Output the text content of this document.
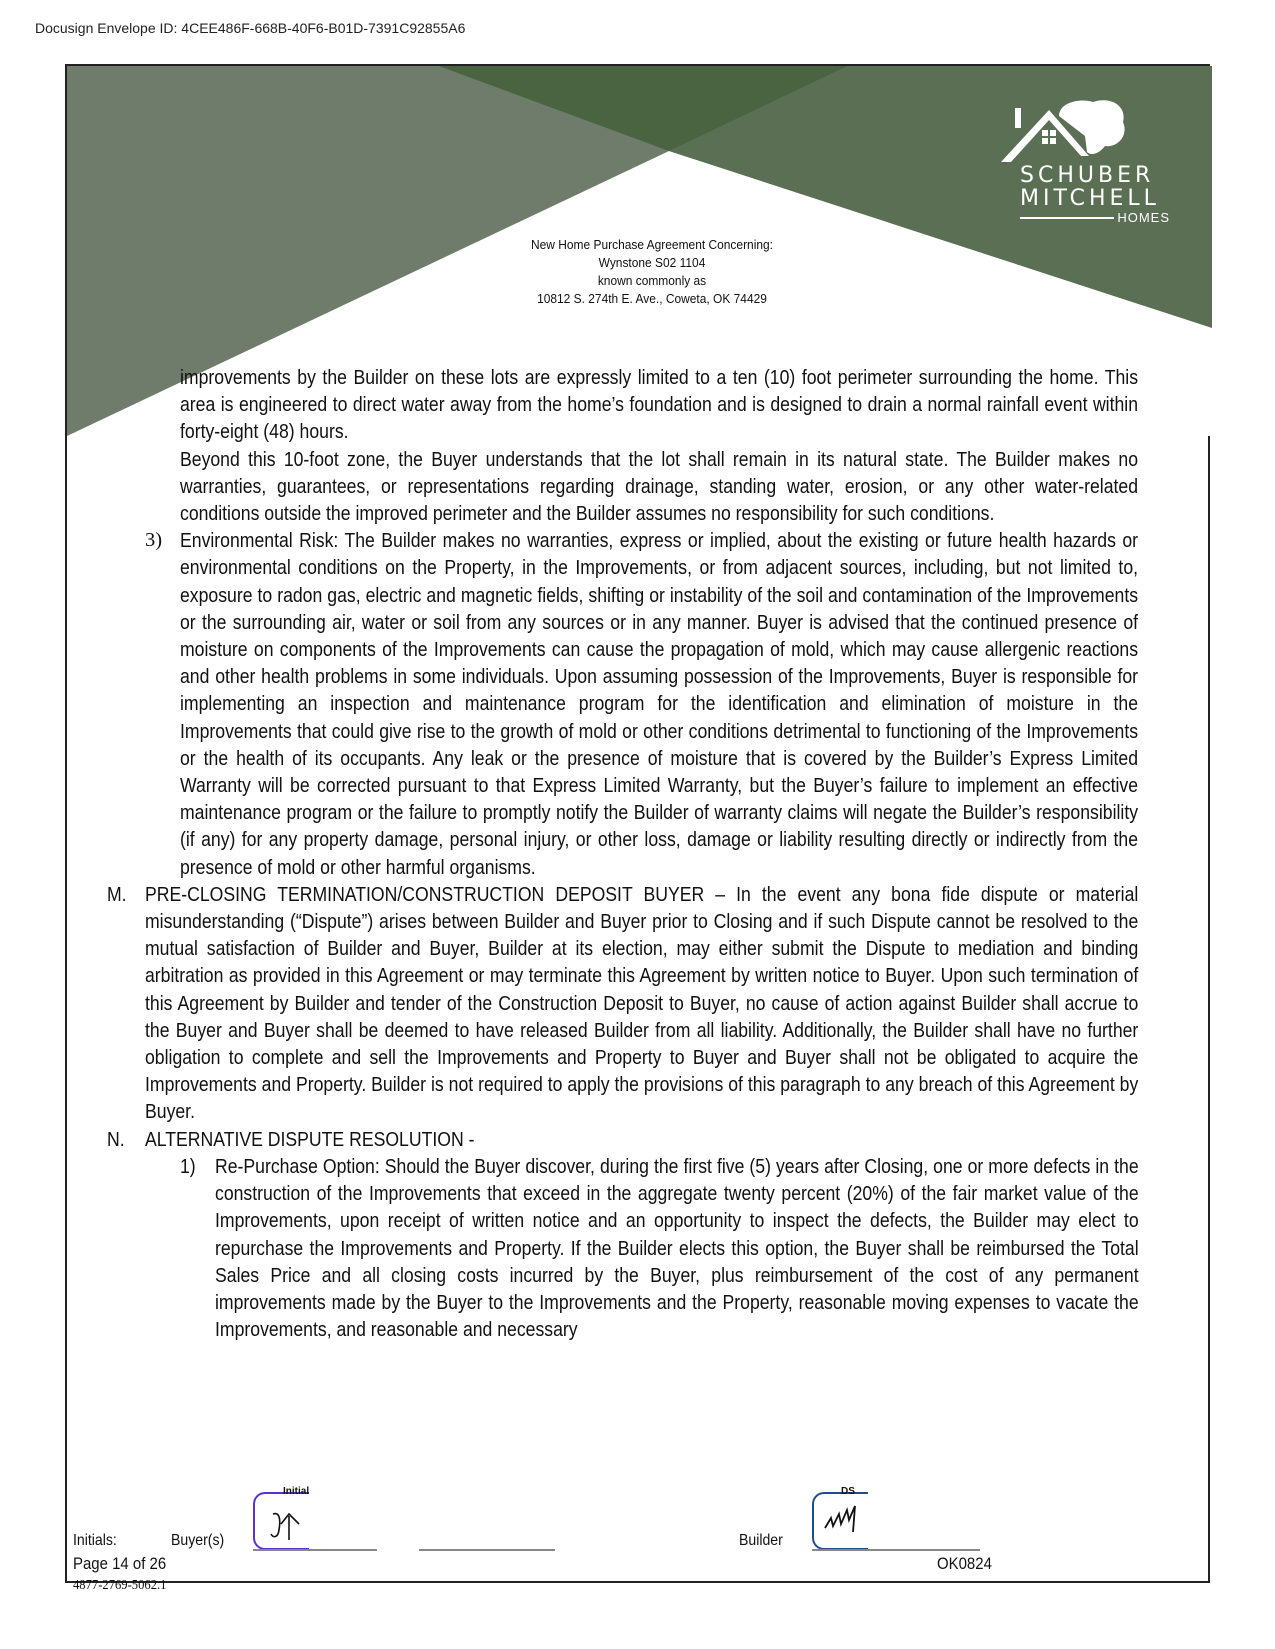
Docusign Envelope ID: 4CEE486F-668B-40F6-B01D-7391C92855A6
SCHUBER
MITCHELL
HOMES
New Home Purchase Agreement Concerning:
Wynstone S02 1104
known commonly as
10812 S. 274th E. Ave., Coweta, OK 74429
improvements by the Builder on these lots are expressly limited to a ten (10) foot perimeter surrounding the home. This area is engineered to direct water away from the home’s foundation and is designed to drain a normal rainfall event within forty-eight (48) hours.
Beyond this 10-foot zone, the Buyer understands that the lot shall remain in its natural state. The Builder makes no warranties, guarantees, or representations regarding drainage, standing water, erosion, or any other water-related conditions outside the improved perimeter and the Builder assumes no responsibility for such conditions.
3) Environmental Risk: The Builder makes no warranties, express or implied, about the existing or future health hazards or environmental conditions on the Property, in the Improvements, or from adjacent sources, including, but not limited to, exposure to radon gas, electric and magnetic fields, shifting or instability of the soil and contamination of the Improvements or the surrounding air, water or soil from any sources or in any manner. Buyer is advised that the continued presence of moisture on components of the Improvements can cause the propagation of mold, which may cause allergenic reactions and other health problems in some individuals. Upon assuming possession of the Improvements, Buyer is responsible for implementing an inspection and maintenance program for the identification and elimination of moisture in the Improvements that could give rise to the growth of mold or other conditions detrimental to functioning of the Improvements or the health of its occupants. Any leak or the presence of moisture that is covered by the Builder’s Express Limited Warranty will be corrected pursuant to that Express Limited Warranty, but the Buyer’s failure to implement an effective maintenance program or the failure to promptly notify the Builder of warranty claims will negate the Builder’s responsibility (if any) for any property damage, personal injury, or other loss, damage or liability resulting directly or indirectly from the presence of mold or other harmful organisms.
M. PRE-CLOSING TERMINATION/CONSTRUCTION DEPOSIT BUYER – In the event any bona fide dispute or material misunderstanding (“Dispute”) arises between Builder and Buyer prior to Closing and if such Dispute cannot be resolved to the mutual satisfaction of Builder and Buyer, Builder at its election, may either submit the Dispute to mediation and binding arbitration as provided in this Agreement or may terminate this Agreement by written notice to Buyer. Upon such termination of this Agreement by Builder and tender of the Construction Deposit to Buyer, no cause of action against Builder shall accrue to the Buyer and Buyer shall be deemed to have released Builder from all liability. Additionally, the Builder shall have no further obligation to complete and sell the Improvements and Property to Buyer and Buyer shall not be obligated to acquire the Improvements and Property. Builder is not required to apply the provisions of this paragraph to any breach of this Agreement by Buyer.
N. ALTERNATIVE DISPUTE RESOLUTION -
1) Re-Purchase Option: Should the Buyer discover, during the first five (5) years after Closing, one or more defects in the construction of the Improvements that exceed in the aggregate twenty percent (20%) of the fair market value of the Improvements, upon receipt of written notice and an opportunity to inspect the defects, the Builder may elect to repurchase the Improvements and Property. If the Builder elects this option, the Buyer shall be reimbursed the Total Sales Price and all closing costs incurred by the Buyer, plus reimbursement of the cost of any permanent improvements made by the Buyer to the Improvements and the Property, reasonable moving expenses to vacate the Improvements, and reasonable and necessary
Initials:	Buyer(s)
Initial
Builder
DS
Page 14 of 26	OK0824
4877-2769-5062.1
